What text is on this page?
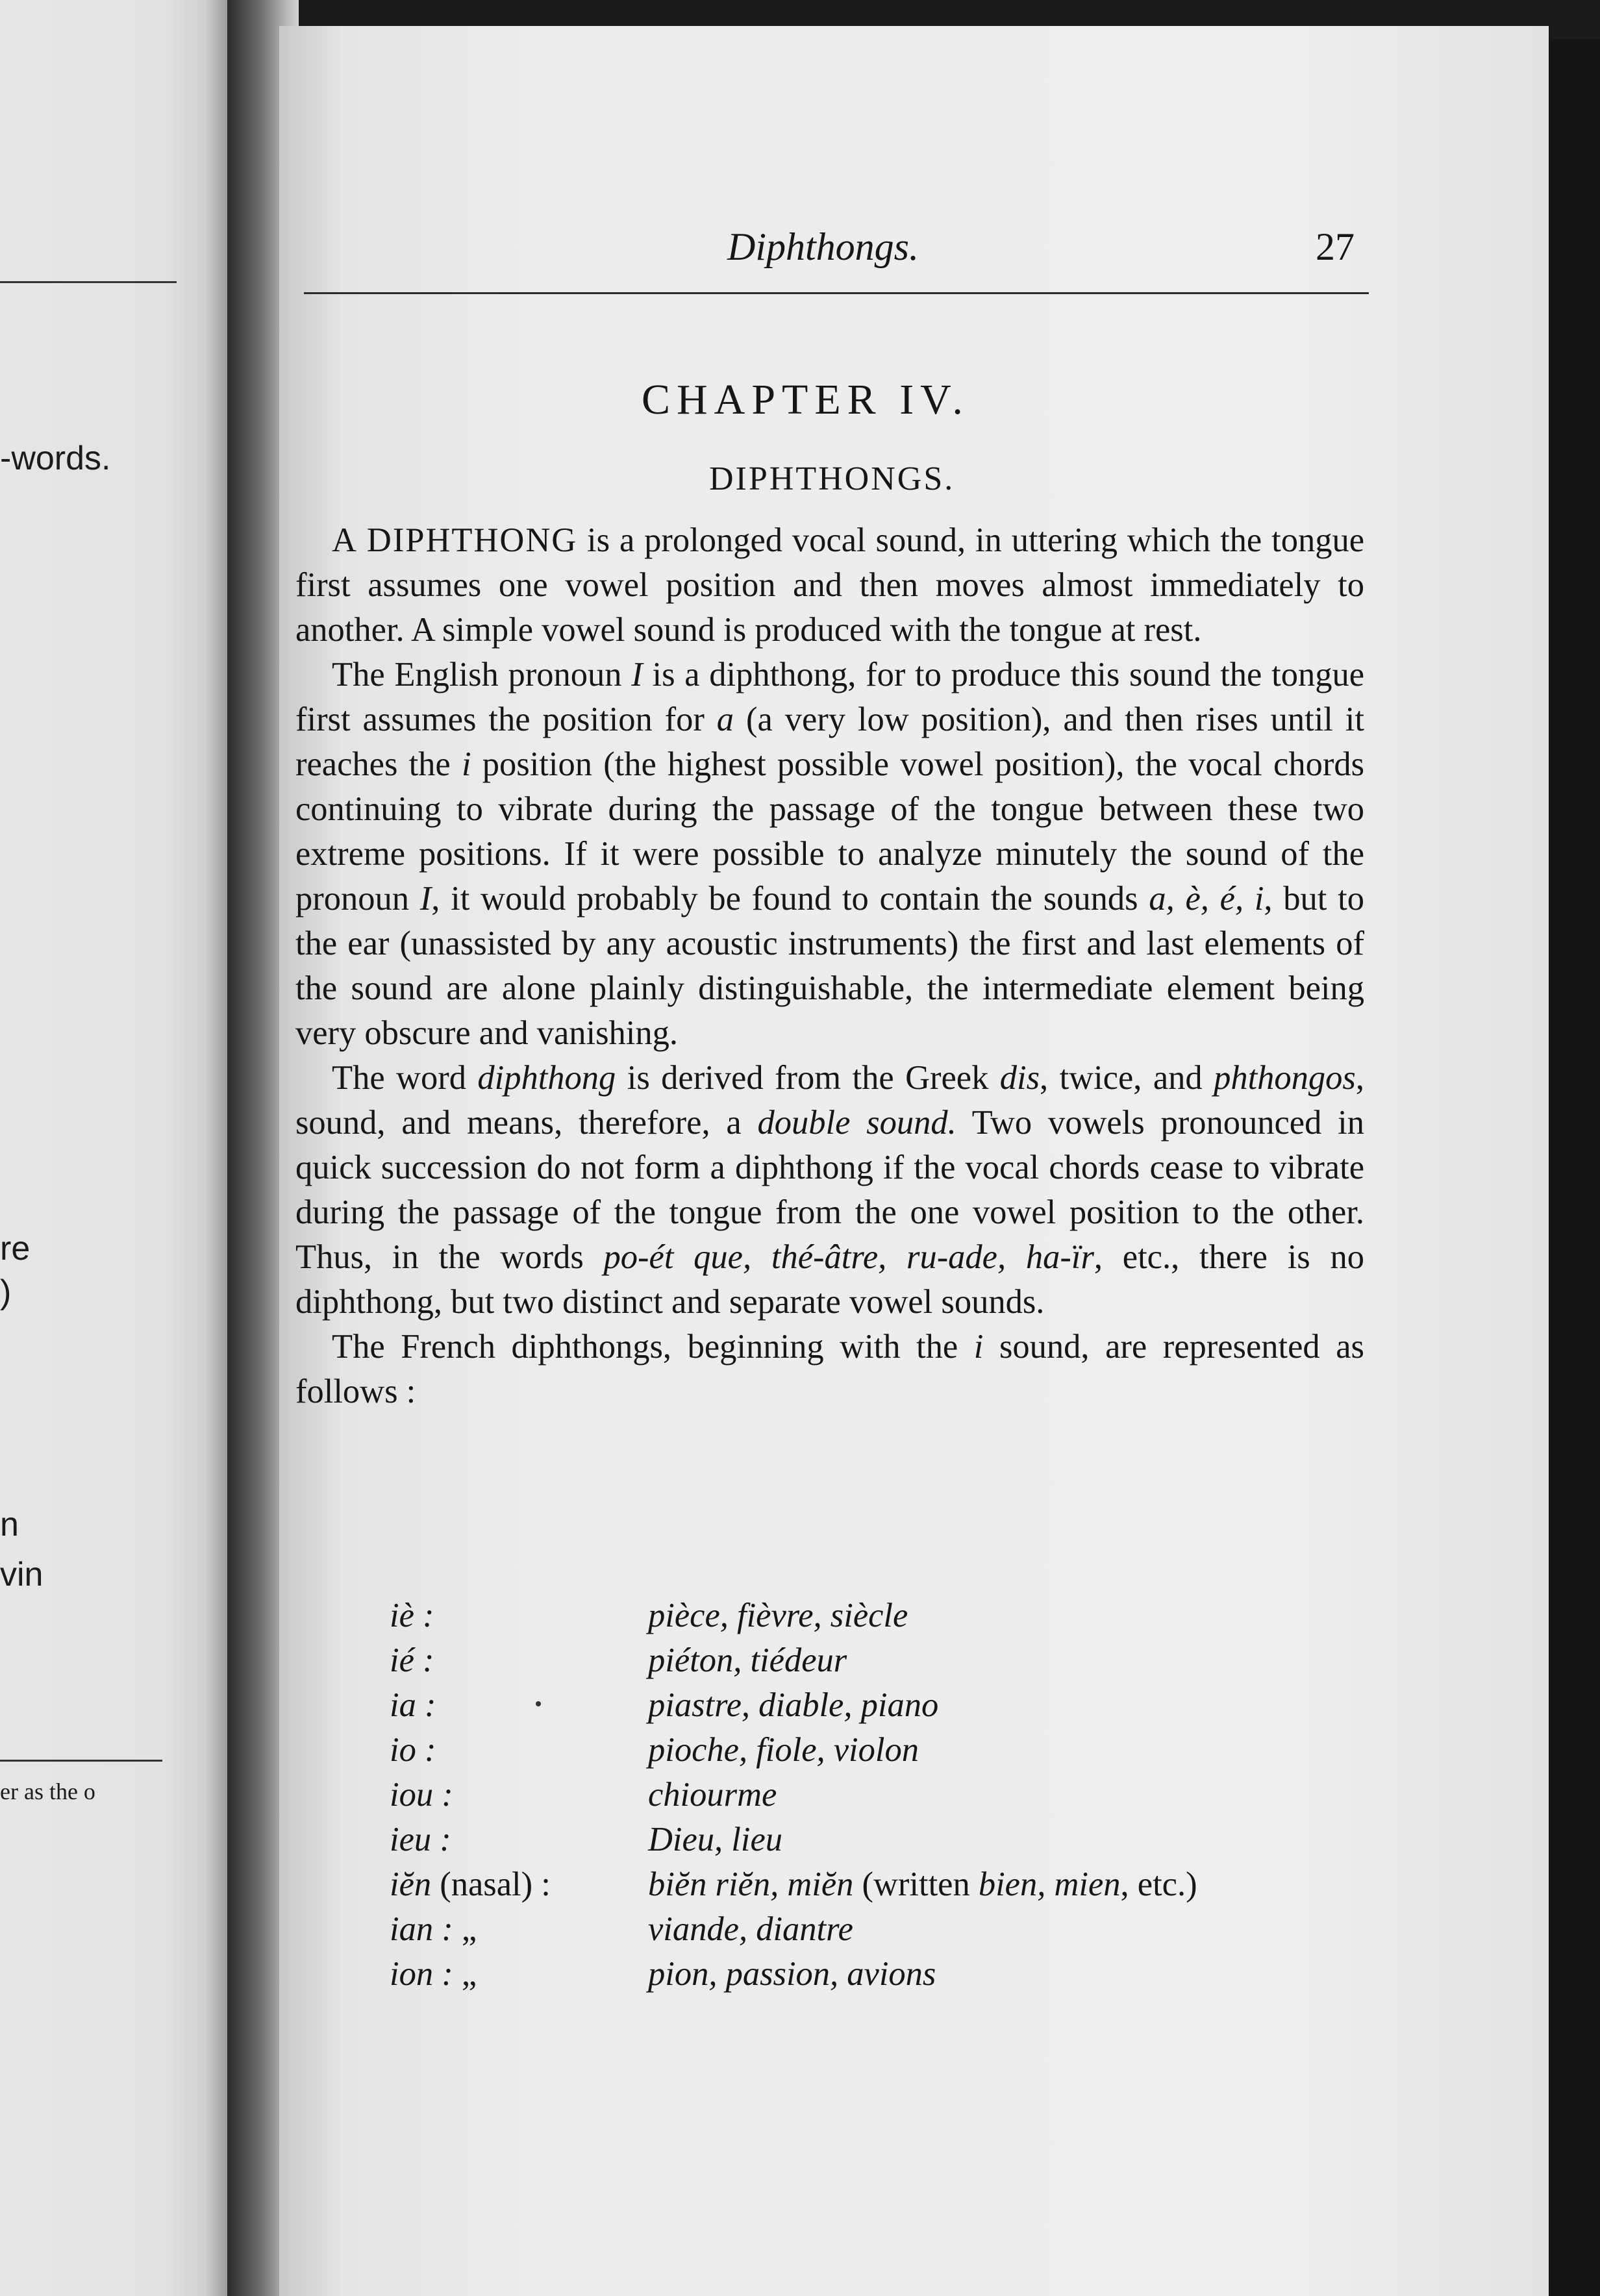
-words.
re
)
n
vin
er as the o
Diphthongs.	27
CHAPTER IV.
DIPHTHONGS.

A DIPHTHONG is a prolonged vocal sound, in uttering which the tongue first assumes one vowel position and then moves almost immediately to another. A simple vowel sound is produced with the tongue at rest.

The English pronoun I is a diphthong, for to produce this sound the tongue first assumes the position for a (a very low position), and then rises until it reaches the i position (the highest possible vowel position), the vocal chords continuing to vibrate during the passage of the tongue between these two extreme positions. If it were possible to analyze minutely the sound of the pronoun I, it would probably be found to contain the sounds a, è, é, i, but to the ear (unassisted by any acoustic instruments) the first and last elements of the sound are alone plainly distinguishable, the intermediate element being very obscure and vanishing.

The word diphthong is derived from the Greek dis, twice, and phthongos, sound, and means, therefore, a double sound. Two vowels pronounced in quick succession do not form a diphthong if the vocal chords cease to vibrate during the passage of the tongue from the one vowel position to the other. Thus, in the words po-ét que, thé-âtre, ru-ade, ha-ïr, etc., there is no diphthong, but two distinct and separate vowel sounds.

The French diphthongs, beginning with the i sound, are represented as follows :

iè :	pièce, fièvre, siècle
ié :	piéton, tiédeur
ia :	piastre, diable, piano
io :	pioche, fiole, violon
iou :	chiourme
ieu :	Dieu, lieu
iĕn (nasal) :	biĕn riĕn, miĕn (written bien, mien, etc.)
ian : „	viande, diantre
ion : „	pion, passion, avions
